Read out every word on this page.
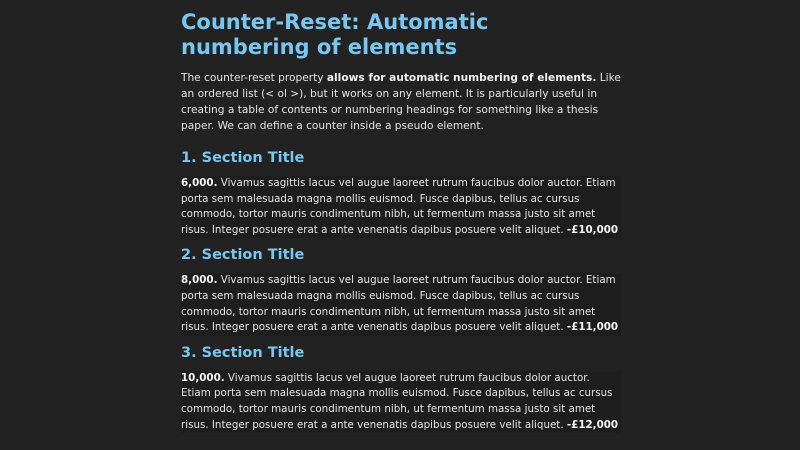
Counter-Reset: Automatic numbering of elements

The counter-reset property allows for automatic numbering of elements. Like an ordered list (< ol >), but it works on any element. It is particularly useful in creating a table of contents or numbering headings for something like a thesis paper. We can define a counter inside a pseudo element.

1. Section Title

6,000. Vivamus sagittis lacus vel augue laoreet rutrum faucibus dolor auctor. Etiam porta sem malesuada magna mollis euismod. Fusce dapibus, tellus ac cursus commodo, tortor mauris condimentum nibh, ut fermentum massa justo sit amet risus. Integer posuere erat a ante venenatis dapibus posuere velit aliquet. -£10,000

2. Section Title

8,000. Vivamus sagittis lacus vel augue laoreet rutrum faucibus dolor auctor. Etiam porta sem malesuada magna mollis euismod. Fusce dapibus, tellus ac cursus commodo, tortor mauris condimentum nibh, ut fermentum massa justo sit amet risus. Integer posuere erat a ante venenatis dapibus posuere velit aliquet. -£11,000

3. Section Title

10,000. Vivamus sagittis lacus vel augue laoreet rutrum faucibus dolor auctor. Etiam porta sem malesuada magna mollis euismod. Fusce dapibus, tellus ac cursus commodo, tortor mauris condimentum nibh, ut fermentum massa justo sit amet risus. Integer posuere erat a ante venenatis dapibus posuere velit aliquet. -£12,000
